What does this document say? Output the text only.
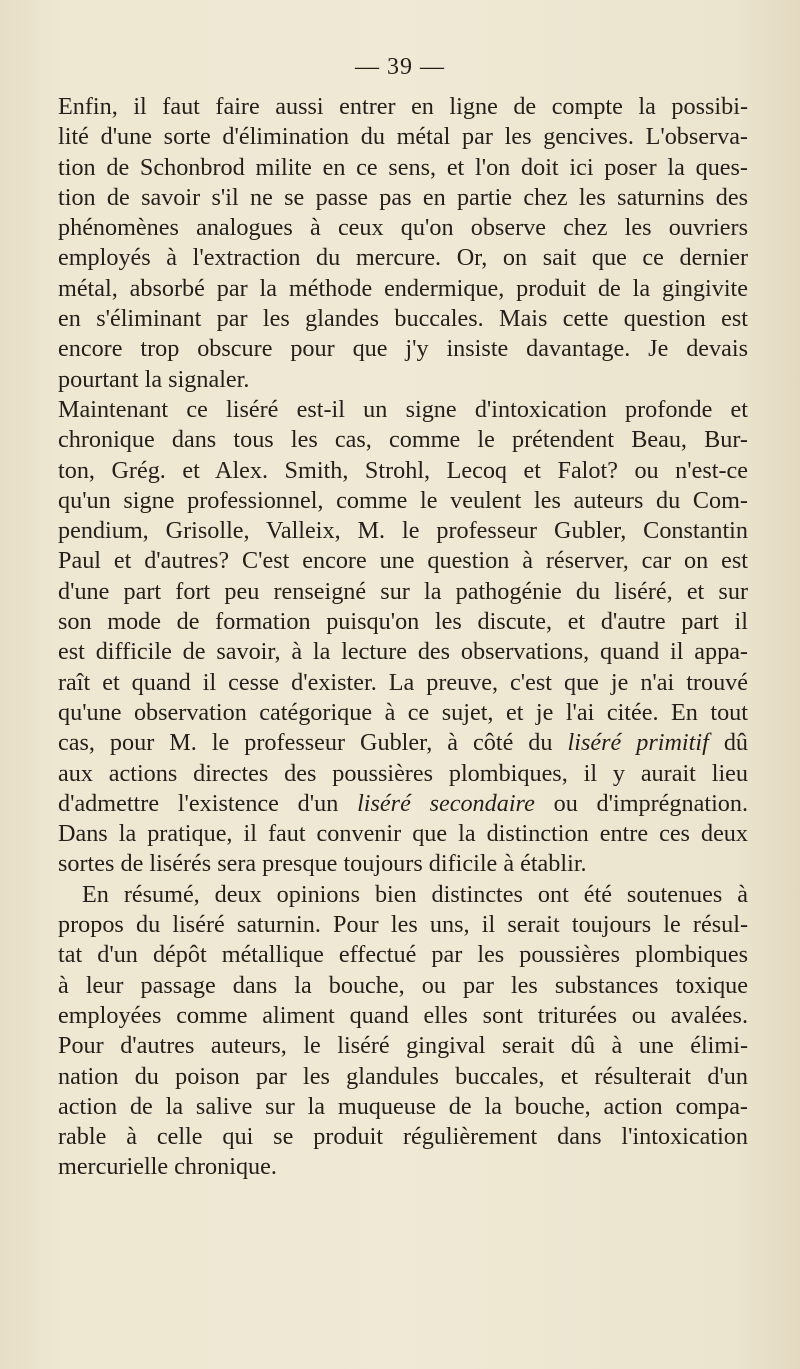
— 39 —
Enfin, il faut faire aussi entrer en ligne de compte la possibi-
lité d'une sorte d'élimination du métal par les gencives. L'observa-
tion de Schonbrod milite en ce sens, et l'on doit ici poser la ques-
tion de savoir s'il ne se passe pas en partie chez les saturnins des
phénomènes analogues à ceux qu'on observe chez les ouvriers
employés à l'extraction du mercure. Or, on sait que ce dernier
métal, absorbé par la méthode endermique, produit de la gingivite
en s'éliminant par les glandes buccales. Mais cette question est
encore trop obscure pour que j'y insiste davantage. Je devais
pourtant la signaler.
Maintenant ce liséré est-il un signe d'intoxication profonde et
chronique dans tous les cas, comme le prétendent Beau, Bur-
ton, Grég. et Alex. Smith, Strohl, Lecoq et Falot? ou n'est-ce
qu'un signe professionnel, comme le veulent les auteurs du Com-
pendium, Grisolle, Valleix, M. le professeur Gubler, Constantin
Paul et d'autres? C'est encore une question à réserver, car on est
d'une part fort peu renseigné sur la pathogénie du liséré, et sur
son mode de formation puisqu'on les discute, et d'autre part il
est difficile de savoir, à la lecture des observations, quand il appa-
raît et quand il cesse d'exister. La preuve, c'est que je n'ai trouvé
qu'une observation catégorique à ce sujet, et je l'ai citée. En tout
cas, pour M. le professeur Gubler, à côté du liséré primitif dû
aux actions directes des poussières plombiques, il y aurait lieu
d'admettre l'existence d'un liséré secondaire ou d'imprégnation.
Dans la pratique, il faut convenir que la distinction entre ces deux
sortes de lisérés sera presque toujours dificile à établir.
En résumé, deux opinions bien distinctes ont été soutenues à
propos du liséré saturnin. Pour les uns, il serait toujours le résul-
tat d'un dépôt métallique effectué par les poussières plombiques
à leur passage dans la bouche, ou par les substances toxique
employées comme aliment quand elles sont triturées ou avalées.
Pour d'autres auteurs, le liséré gingival serait dû à une élimi-
nation du poison par les glandules buccales, et résulterait d'un
action de la salive sur la muqueuse de la bouche, action compa-
rable à celle qui se produit régulièrement dans l'intoxication
mercurielle chronique.
